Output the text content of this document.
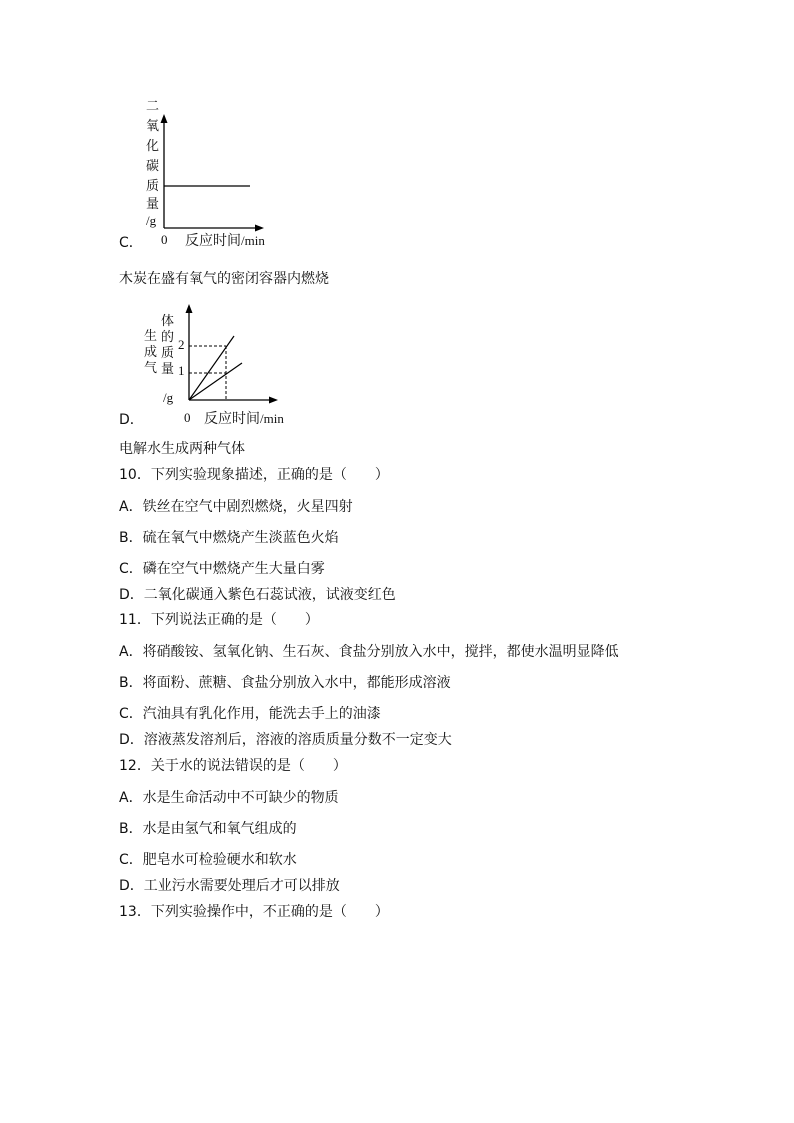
二
氧
化
碳
质
量
/g
C． 0 反应时间/min
木炭在盛有氧气的密闭容器内燃烧
生
成
气
体
的
质
量
/g
2
1
D．	0 反应时间/min
电解水生成两种气体
10．下列实验现象描述，正确的是（　　）
A．铁丝在空气中剧烈燃烧，火星四射
B．硫在氧气中燃烧产生淡蓝色火焰
C．磷在空气中燃烧产生大量白雾
D．二氧化碳通入紫色石蕊试液，试液变红色
11．下列说法正确的是（　　）
A．将硝酸铵、氢氧化钠、生石灰、食盐分别放入水中，搅拌，都使水温明显降低
B．将面粉、蔗糖、食盐分别放入水中，都能形成溶液
C．汽油具有乳化作用，能洗去手上的油漆
D．溶液蒸发溶剂后，溶液的溶质质量分数不一定变大
12．关于水的说法错误的是（　　）
A．水是生命活动中不可缺少的物质
B．水是由氢气和氧气组成的
C．肥皂水可检验硬水和软水
D．工业污水需要处理后才可以排放
13．下列实验操作中，不正确的是（　　）
